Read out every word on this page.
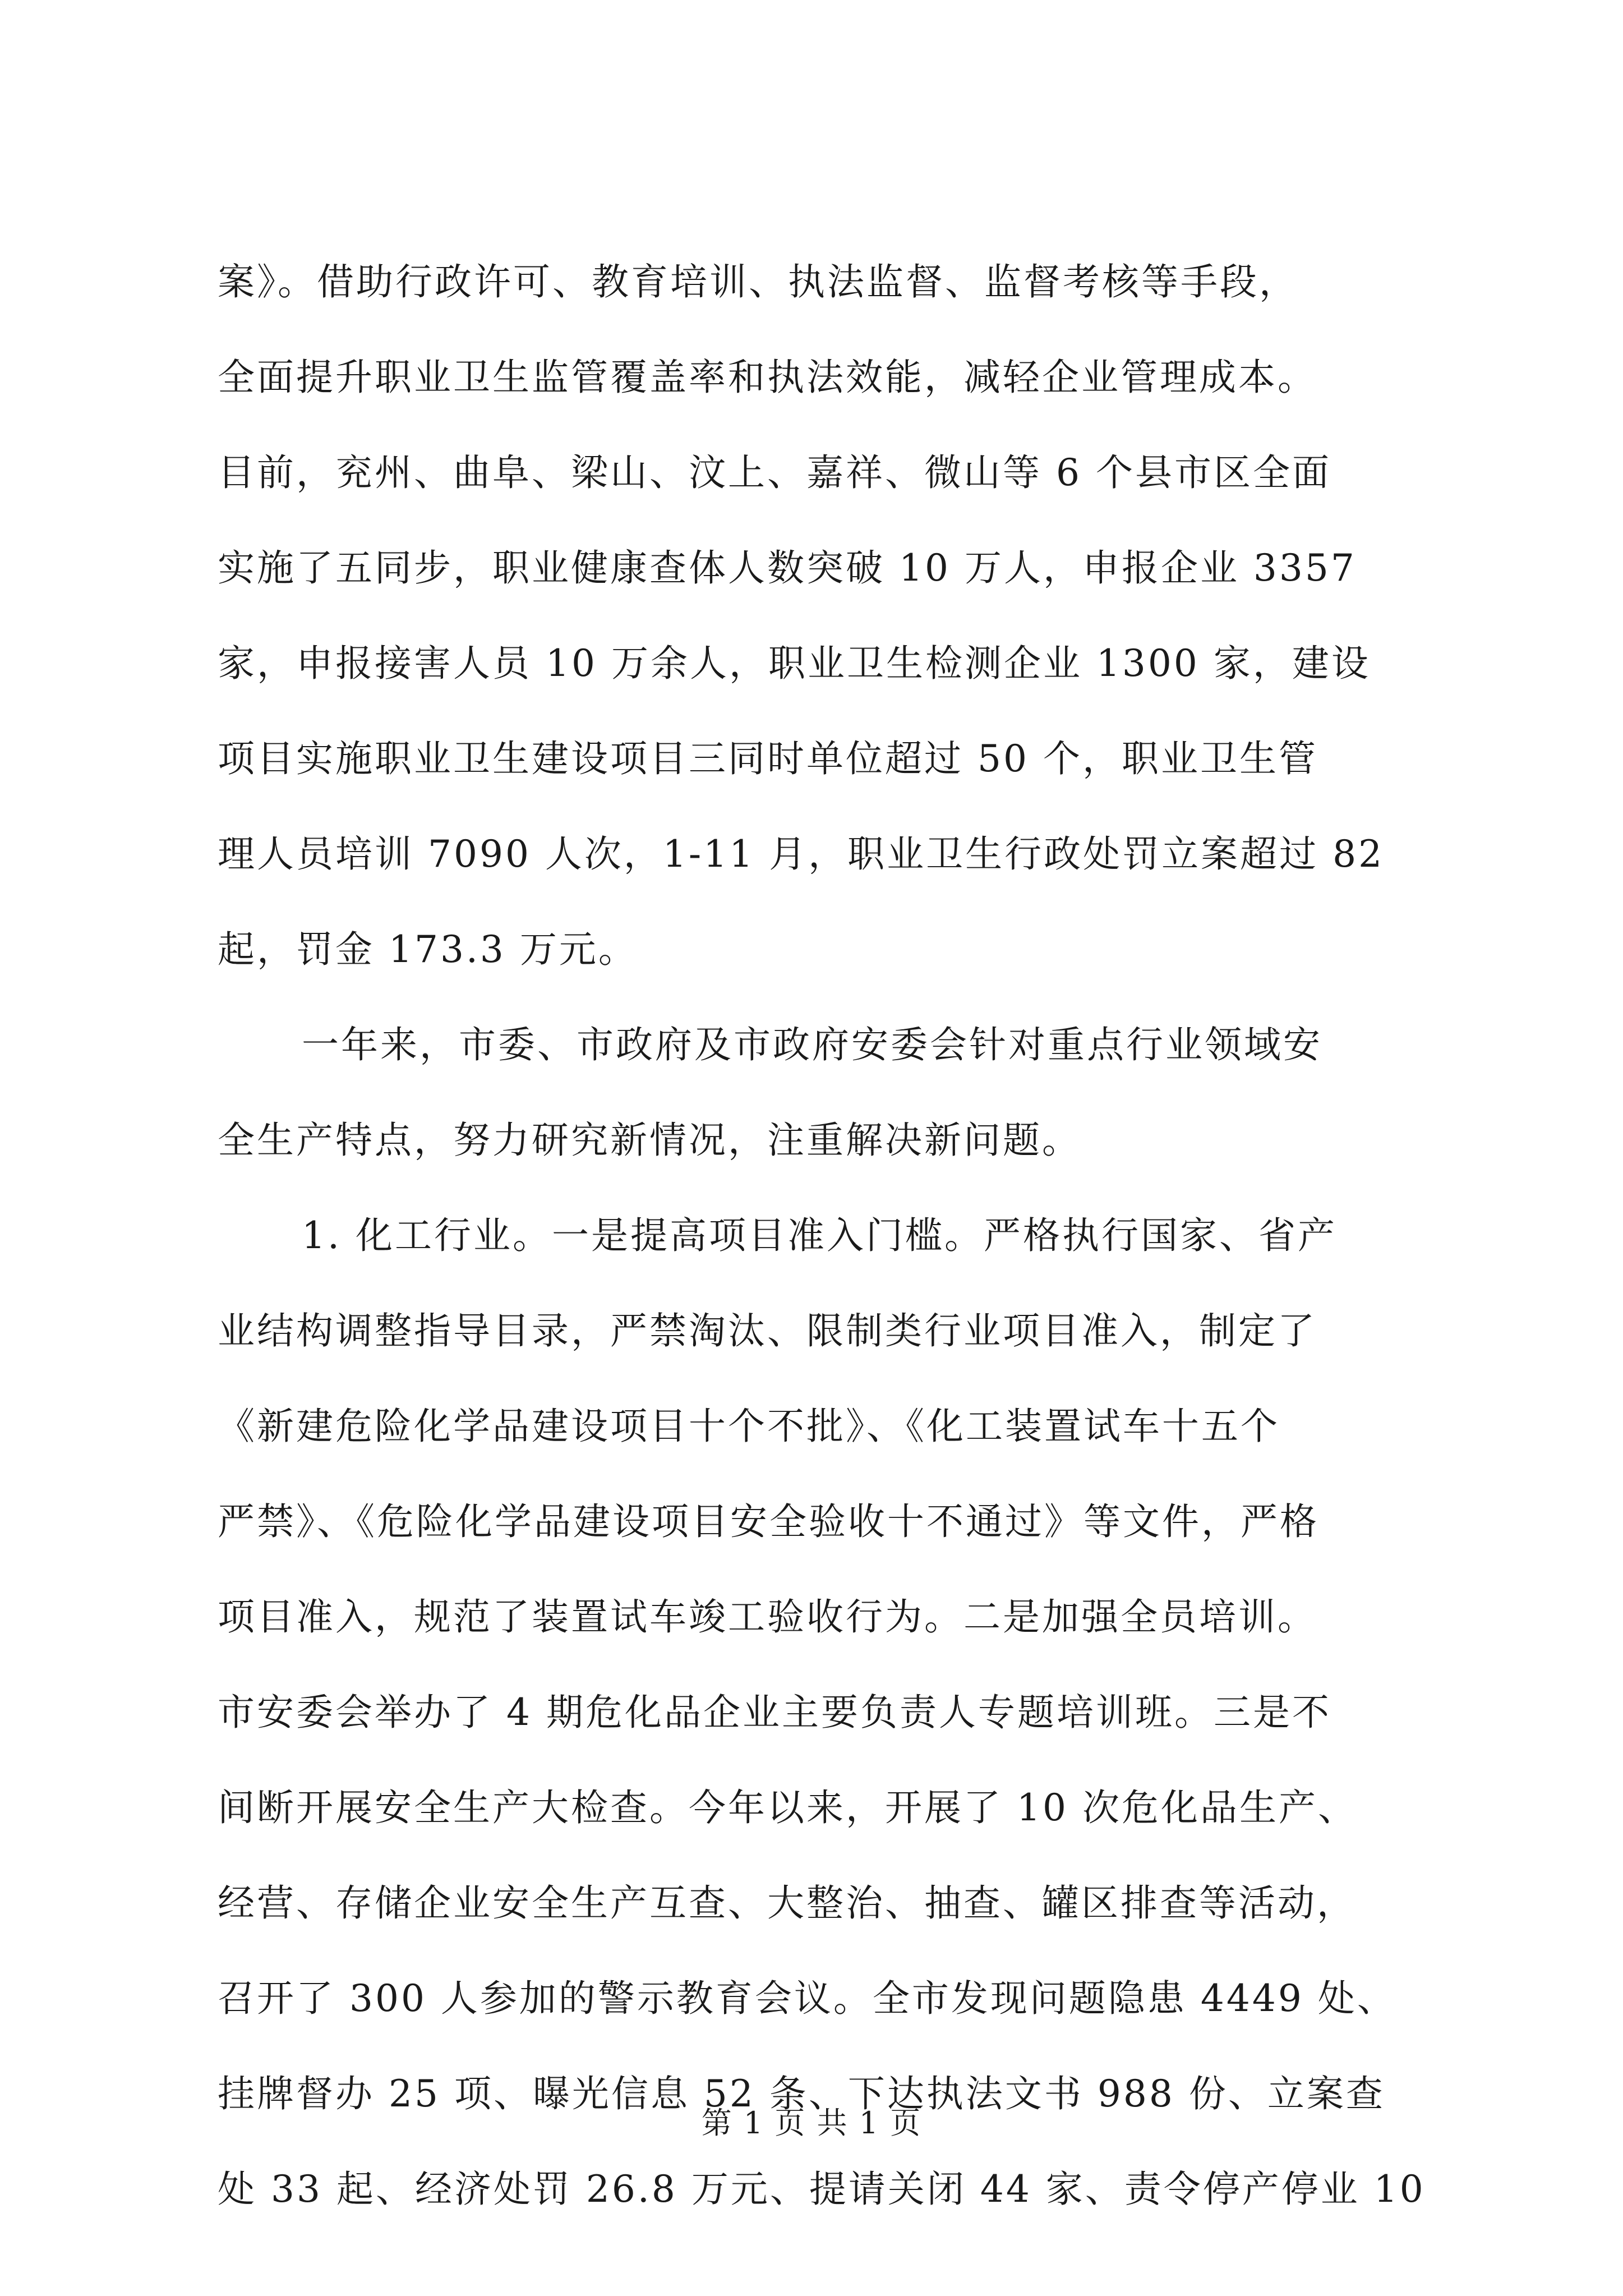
案》。借助行政许可、教育培训、执法监督、监督考核等手段，
全面提升职业卫生监管覆盖率和执法效能，减轻企业管理成本。
目前，兖州、曲阜、梁山、汶上、嘉祥、微山等 6 个县市区全面
实施了五同步，职业健康查体人数突破 10 万人，申报企业 3357
家，申报接害人员 10 万余人，职业卫生检测企业 1300 家，建设
项目实施职业卫生建设项目三同时单位超过 50 个，职业卫生管
理人员培训 7090 人次，1-11 月，职业卫生行政处罚立案超过 82
起，罚金 173.3 万元。
一年来，市委、市政府及市政府安委会针对重点行业领域安
全生产特点，努力研究新情况，注重解决新问题。
1. 化工行业。一是提高项目准入门槛。严格执行国家、省产
业结构调整指导目录，严禁淘汰、限制类行业项目准入，制定了
《新建危险化学品建设项目十个不批》、《化工装置试车十五个
严禁》、《危险化学品建设项目安全验收十不通过》等文件，严格
项目准入，规范了装置试车竣工验收行为。二是加强全员培训。
市安委会举办了 4 期危化品企业主要负责人专题培训班。三是不
间断开展安全生产大检查。今年以来，开展了 10 次危化品生产、
经营、存储企业安全生产互查、大整治、抽查、罐区排查等活动，
召开了 300 人参加的警示教育会议。全市发现问题隐患 4449 处、
挂牌督办 25 项、曝光信息 52 条、下达执法文书 988 份、立案查
处 33 起、经济处罚 26.8 万元、提请关闭 44 家、责令停产停业 10
第 1 页 共 1 页
